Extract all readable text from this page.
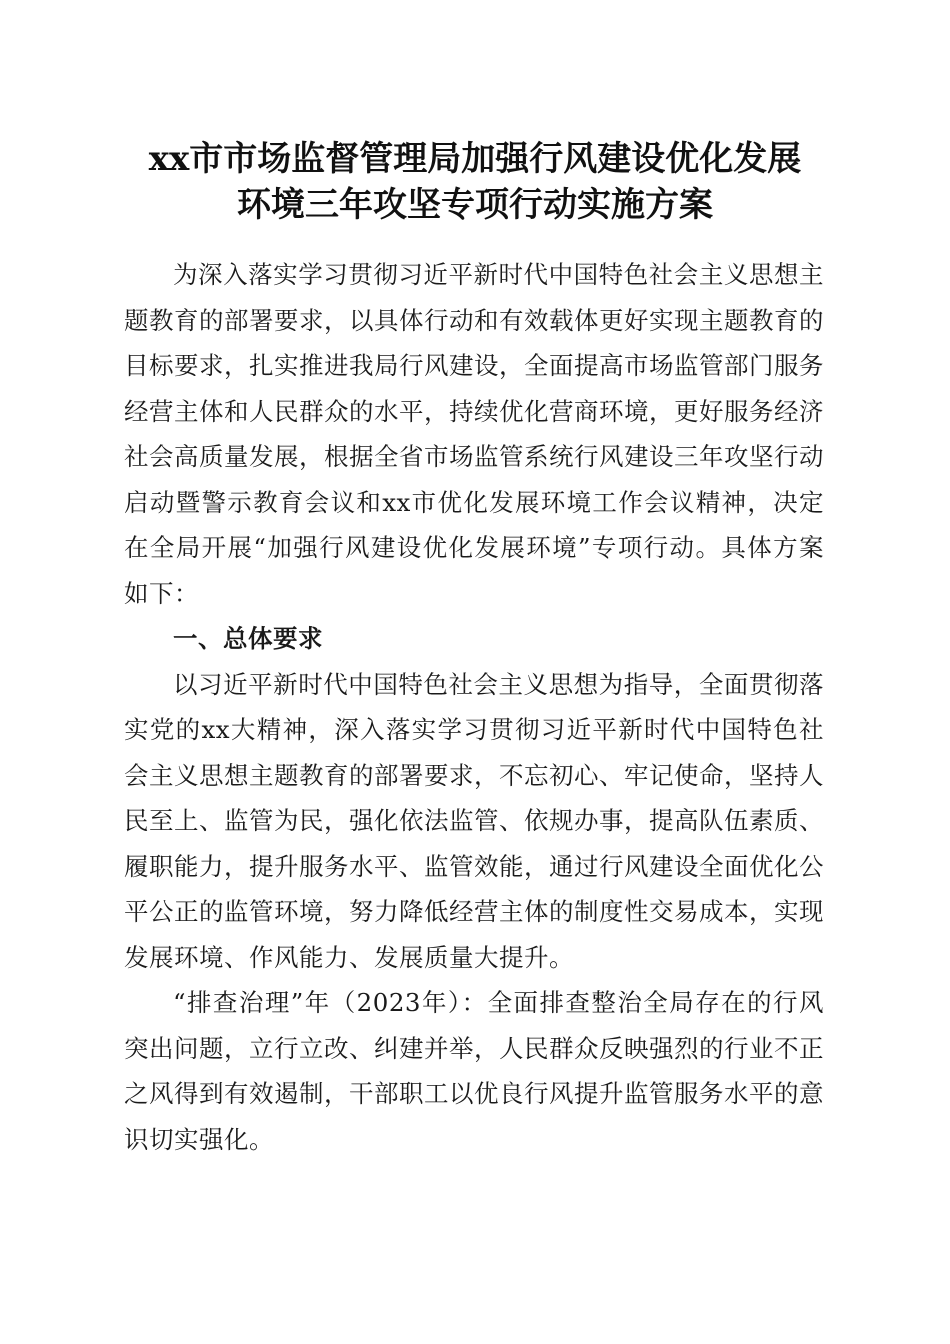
xx市市场监督管理局加强行风建设优化发展
环境三年攻坚专项行动实施方案

为深入落实学习贯彻习近平新时代中国特色社会主义思想主题教育的部署要求，以具体行动和有效载体更好实现主题教育的目标要求，扎实推进我局行风建设，全面提高市场监管部门服务经营主体和人民群众的水平，持续优化营商环境，更好服务经济社会高质量发展，根据全省市场监管系统行风建设三年攻坚行动启动暨警示教育会议和xx市优化发展环境工作会议精神，决定在全局开展“加强行风建设优化发展环境”专项行动。具体方案如下：

一、总体要求

以习近平新时代中国特色社会主义思想为指导，全面贯彻落实党的xx大精神，深入落实学习贯彻习近平新时代中国特色社会主义思想主题教育的部署要求，不忘初心、牢记使命，坚持人民至上、监管为民，强化依法监管、依规办事，提高队伍素质、履职能力，提升服务水平、监管效能，通过行风建设全面优化公平公正的监管环境，努力降低经营主体的制度性交易成本，实现发展环境、作风能力、发展质量大提升。

“排查治理”年（2023年）：全面排查整治全局存在的行风突出问题，立行立改、纠建并举，人民群众反映强烈的行业不正之风得到有效遏制，干部职工以优良行风提升监管服务水平的意识切实强化。
